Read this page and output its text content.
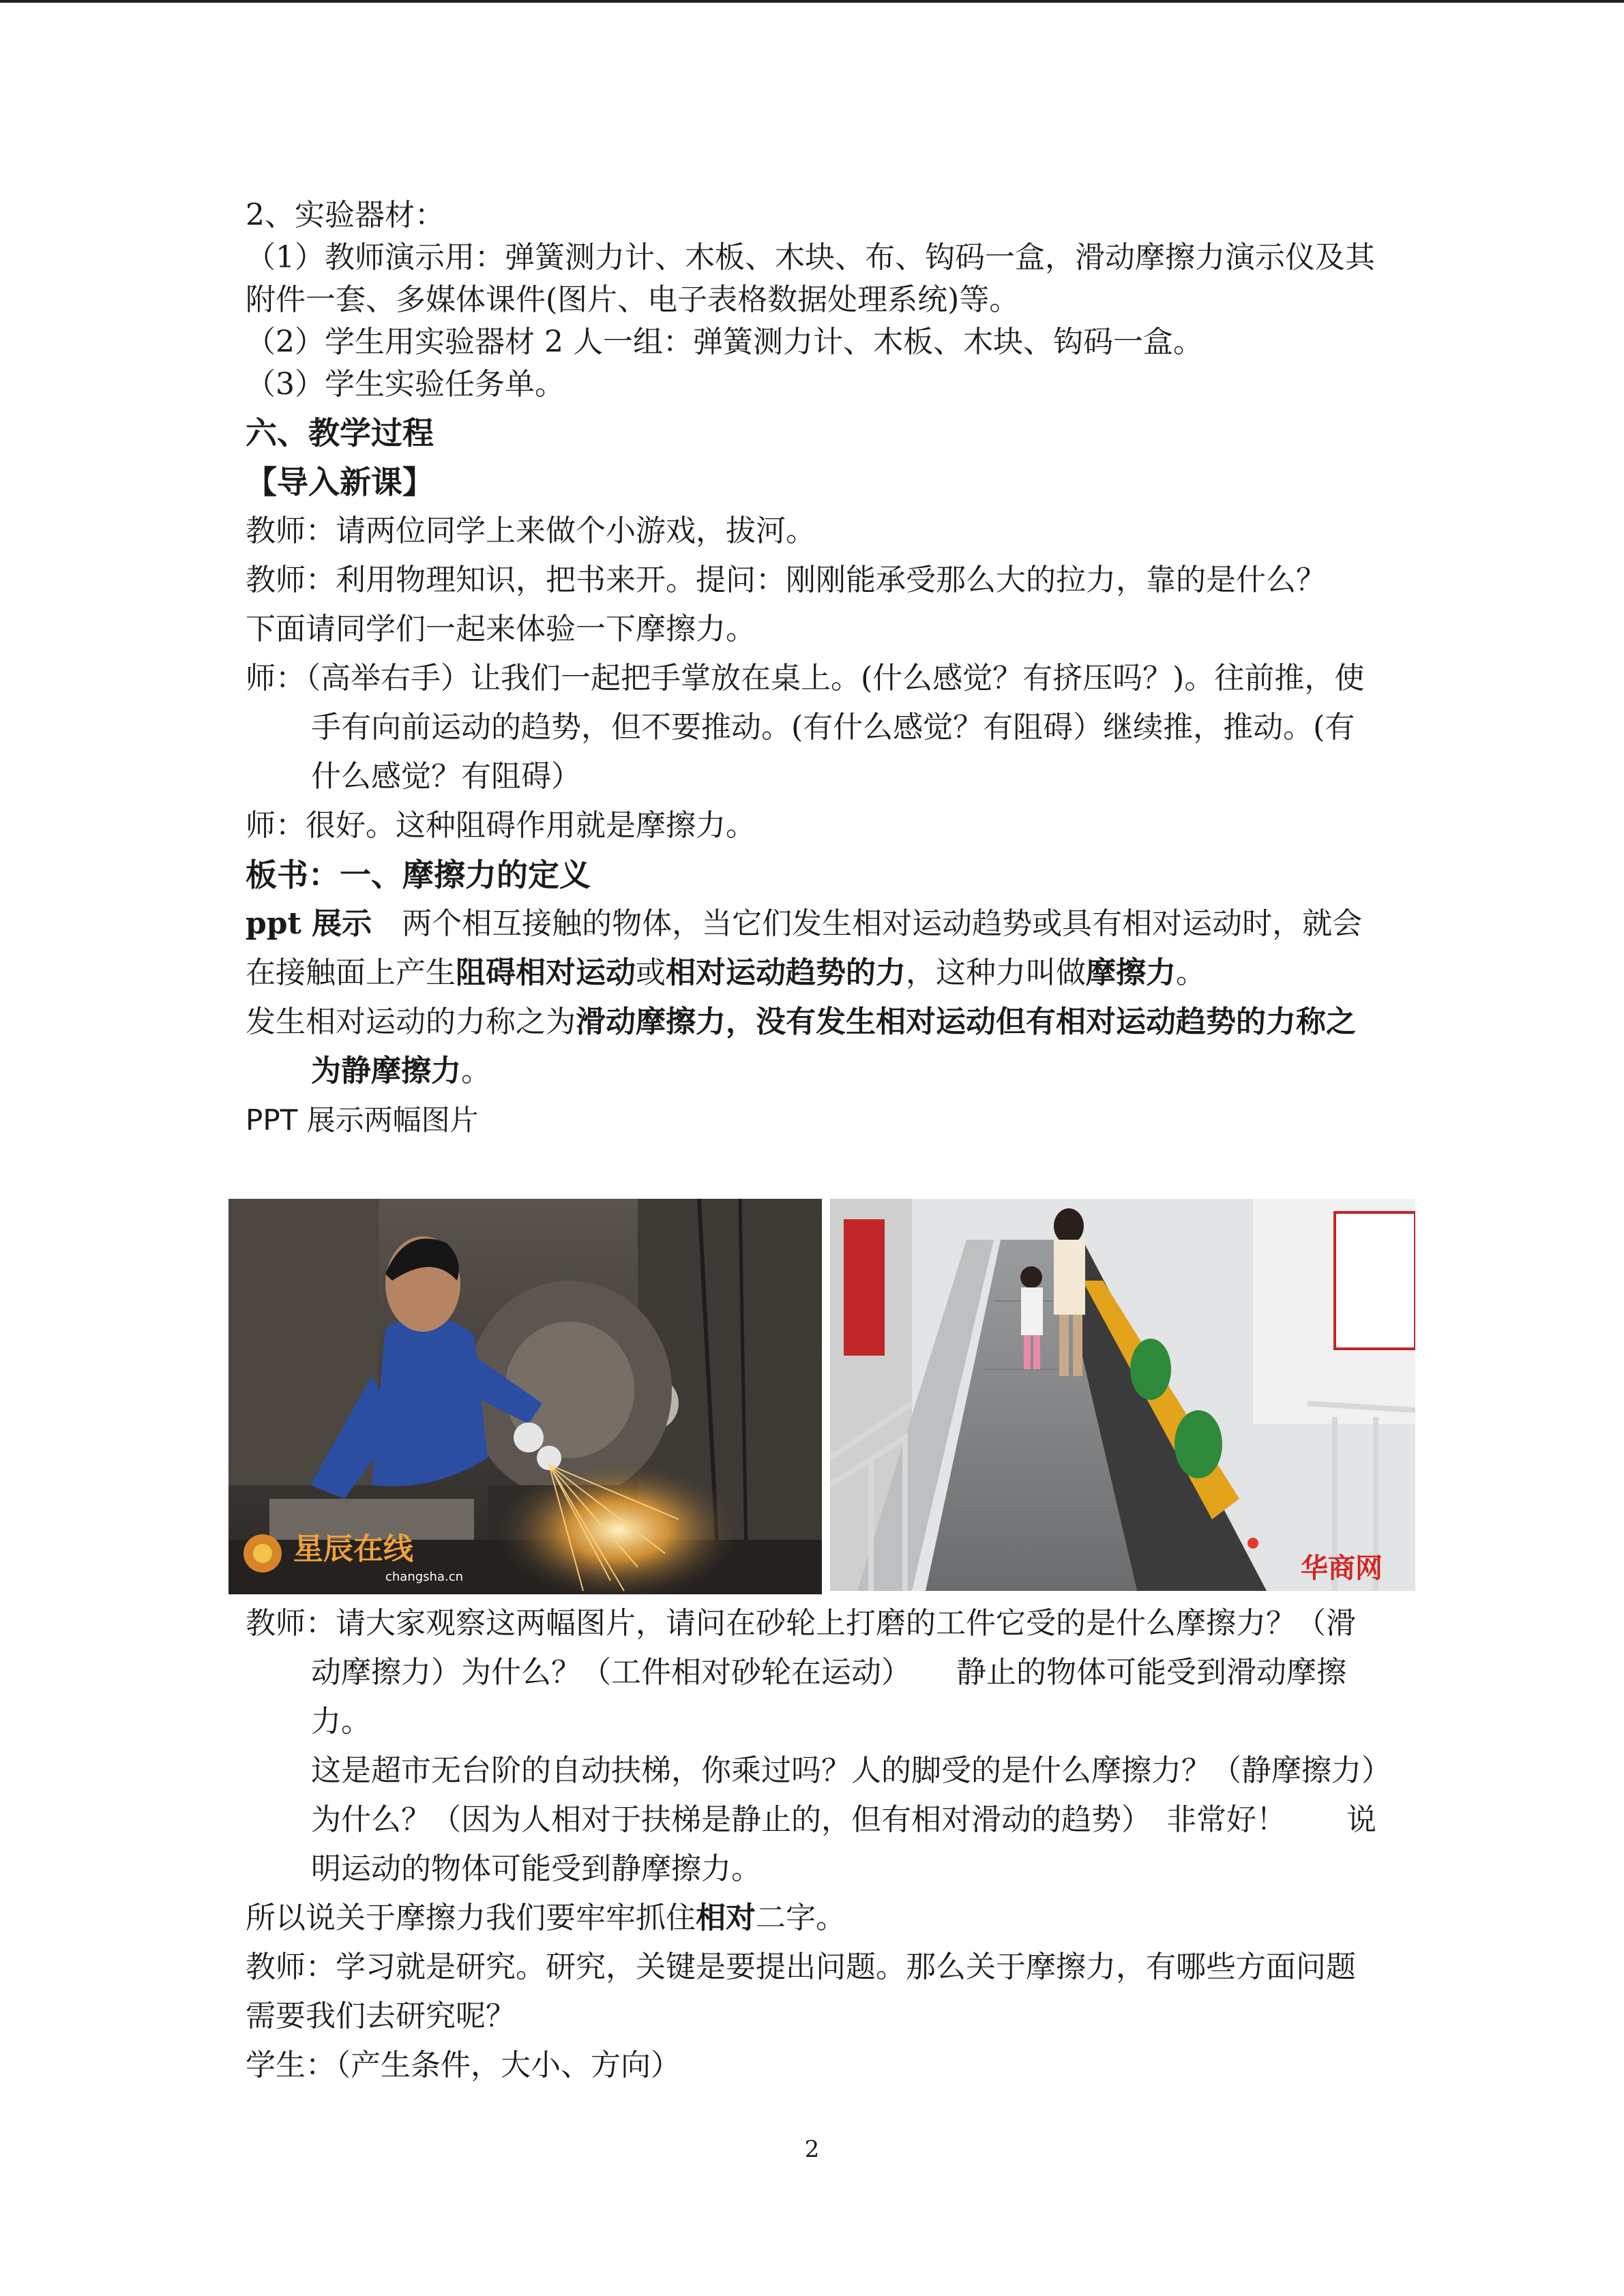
2、实验器材：
（1）教师演示用：弹簧测力计、木板、木块、布、钩码一盒，滑动摩擦力演示仪及其附件一套、多媒体课件(图片、电子表格数据处理系统)等。
（2）学生用实验器材 2 人一组：弹簧测力计、木板、木块、钩码一盒。
（3）学生实验任务单。
六、教学过程
【导入新课】
教师：请两位同学上来做个小游戏，拔河。
教师：利用物理知识，把书来开。提问：刚刚能承受那么大的拉力，靠的是什么？
下面请同学们一起来体验一下摩擦力。
师：（高举右手）让我们一起把手掌放在桌上。(什么感觉？有挤压吗？)。往前推，使手有向前运动的趋势，但不要推动。(有什么感觉？有阻碍）继续推，推动。(有什么感觉？有阻碍）
师：很好。这种阻碍作用就是摩擦力。
板书：一、摩擦力的定义
ppt 展示　两个相互接触的物体，当它们发生相对运动趋势或具有相对运动时，就会在接触面上产生阻碍相对运动或相对运动趋势的力，这种力叫做摩擦力。
发生相对运动的力称之为滑动摩擦力，没有发生相对运动但有相对运动趋势的力称之为静摩擦力。
PPT 展示两幅图片
星辰在线
changsha.cn	华商网
教师：请大家观察这两幅图片，请问在砂轮上打磨的工件它受的是什么摩擦力？（滑动摩擦力）为什么？（工件相对砂轮在运动）　　静止的物体可能受到滑动摩擦力。
这是超市无台阶的自动扶梯，你乘过吗？人的脚受的是什么摩擦力？（静摩擦力）为什么？（因为人相对于扶梯是静止的，但有相对滑动的趋势）　非常好！　　说明运动的物体可能受到静摩擦力。
所以说关于摩擦力我们要牢牢抓住相对二字。
教师：学习就是研究。研究，关键是要提出问题。那么关于摩擦力，有哪些方面问题需要我们去研究呢？
学生：（产生条件，大小、方向）
2
